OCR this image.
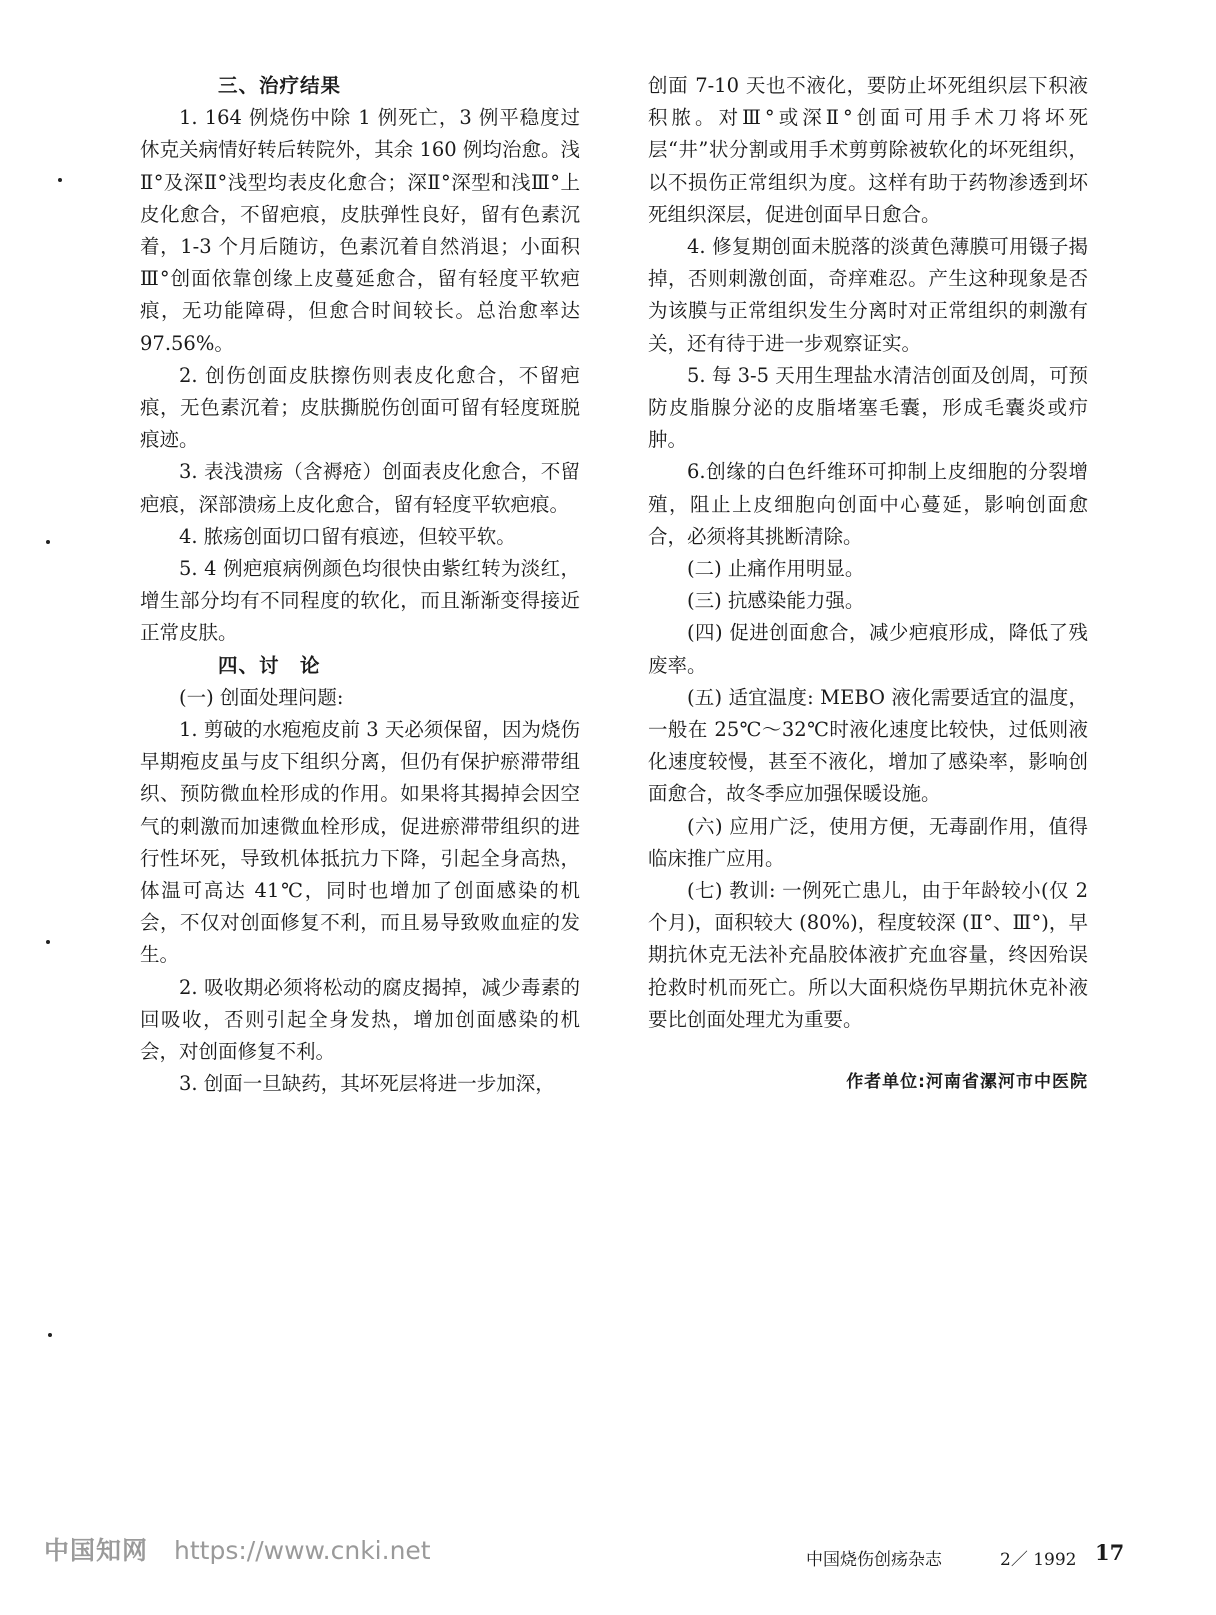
三、治疗结果

1. 164 例烧伤中除 1 例死亡，3 例平稳度过休克关病情好转后转院外，其余 160 例均治愈。浅Ⅱ°及深Ⅱ°浅型均表皮化愈合；深Ⅱ°深型和浅Ⅲ°上皮化愈合，不留疤痕，皮肤弹性良好，留有色素沉着，1-3 个月后随访，色素沉着自然消退；小面积Ⅲ°创面依靠创缘上皮蔓延愈合，留有轻度平软疤痕，无功能障碍，但愈合时间较长。总治愈率达 97.56%。

2. 创伤创面皮肤擦伤则表皮化愈合，不留疤痕，无色素沉着；皮肤撕脱伤创面可留有轻度斑脱痕迹。

3. 表浅溃疡（含褥疮）创面表皮化愈合，不留疤痕，深部溃疡上皮化愈合，留有轻度平软疤痕。

4. 脓疡创面切口留有痕迹，但较平软。

5. 4 例疤痕病例颜色均很快由紫红转为淡红，增生部分均有不同程度的软化，而且渐渐变得接近正常皮肤。

四、讨　论

(一) 创面处理问题:

1. 剪破的水疱疱皮前 3 天必须保留，因为烧伤早期疱皮虽与皮下组织分离，但仍有保护瘀滞带组织、预防微血栓形成的作用。如果将其揭掉会因空气的刺激而加速微血栓形成，促进瘀滞带组织的进行性坏死，导致机体抵抗力下降，引起全身高热，体温可高达 41℃，同时也增加了创面感染的机会，不仅对创面修复不利，而且易导致败血症的发生。

2. 吸收期必须将松动的腐皮揭掉，减少毒素的回吸收，否则引起全身发热，增加创面感染的机会，对创面修复不利。

3. 创面一旦缺药，其坏死层将进一步加深，

创面 7-10 天也不液化，要防止坏死组织层下积液积脓。对Ⅲ°或深Ⅱ°创面可用手术刀将坏死层“井”状分割或用手术剪剪除被软化的坏死组织，以不损伤正常组织为度。这样有助于药物渗透到坏死组织深层，促进创面早日愈合。

4. 修复期创面未脱落的淡黄色薄膜可用镊子揭掉，否则刺激创面，奇痒难忍。产生这种现象是否为该膜与正常组织发生分离时对正常组织的刺激有关，还有待于进一步观察证实。

5. 每 3-5 天用生理盐水清洁创面及创周，可预防皮脂腺分泌的皮脂堵塞毛囊，形成毛囊炎或疖肿。

6.创缘的白色纤维环可抑制上皮细胞的分裂增殖，阻止上皮细胞向创面中心蔓延，影响创面愈合，必须将其挑断清除。

(二) 止痛作用明显。

(三) 抗感染能力强。

(四) 促进创面愈合，减少疤痕形成，降低了残废率。

(五) 适宜温度: MEBO 液化需要适宜的温度，一般在 25℃～32℃时液化速度比较快，过低则液化速度较慢，甚至不液化，增加了感染率，影响创面愈合，故冬季应加强保暖设施。

(六) 应用广泛，使用方便，无毒副作用，值得临床推广应用。

(七) 教训: 一例死亡患儿，由于年龄较小(仅 2 个月)，面积较大 (80%)，程度较深 (Ⅱ°、Ⅲ°)，早期抗休克无法补充晶胶体液扩充血容量，终因殆误抢救时机而死亡。所以大面积烧伤早期抗休克补液要比创面处理尤为重要。

作者单位:河南省漯河市中医院
中国知网 https://www.cnki.net	中国烧伤创疡杂志	2／ 1992 17
